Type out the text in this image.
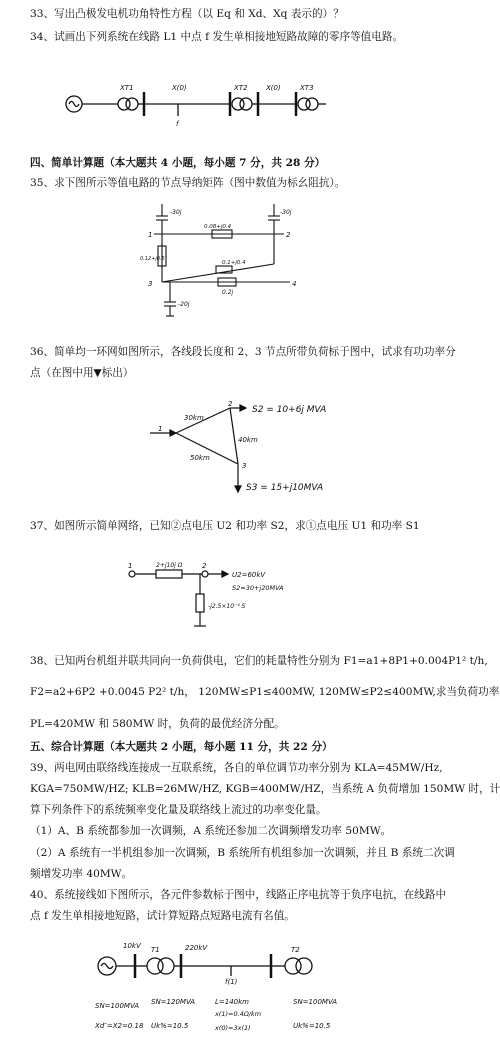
33、写出凸极发电机功角特性方程（以 Eq 和 Xd、Xq 表示的）？
34、试画出下列系统在线路 L1 中点 f 发生单相接地短路故障的零序等值电路。
XT1	X(0)
f
XT2	X(0)	XT3
四、简单计算题（本大题共 4 小题，每小题 7 分，共 28 分）
35、求下图所示等值电路的节点导纳矩阵（图中数值为标幺阻抗）。
-30j	-30j
1	2
3	4
0.08+j0.4
0.1+j0.4
0.12+j0.5
0.2j
-20j
36、简单均一环网如图所示，各线段长度和 2、3 节点所带负荷标于图中，试求有功功率分
点（在图中用▼标出）
1
2
3
30km
40km
50km
S2 = 10+6j MVA
S3 = 15+j10MVA
37、如图所示简单网络，已知②点电压 U2 和功率 S2，求①点电压 U1 和功率 S1
1	2+j10j Ω	2
U2=60kV
S2=30+j20MVA
-j2.5×10⁻⁴ S
38、已知两台机组并联共同向一负荷供电，它们的耗量特性分别为 F1=a1+8P1+0.004P1² t/h,
F2=a2+6P2 +0.0045 P2² t/h， 120MW≤P1≤400MW, 120MW≤P2≤400MW,求当负荷功率
PL=420MW 和 580MW 时，负荷的最优经济分配。
五、综合计算题（本大题共 2 小题，每小题 11 分，共 22 分）
39、两电网由联络线连接成一互联系统，各自的单位调节功率分别为 KLA=45MW/Hz,
KGA=750MW/HZ; KLB=26MW/HZ, KGB=400MW/HZ，当系统 A 负荷增加 150MW 时，计
算下列条件下的系统频率变化量及联络线上流过的功率变化量。
（1）A、B 系统都参加一次调频，A 系统还参加二次调频增发功率 50MW。
（2）A 系统有一半机组参加一次调频，B 系统所有机组参加一次调频，并且 B 系统二次调
频增发功率 40MW。
40、系统接线如下图所示，各元件参数标于图中，线路正序电抗等于负序电抗，在线路中
点 f 发生单相接地短路，试计算短路点短路电流有名值。
10kV T1	220kV
f(1)
T2
SN=100MVA SN=120MVA	L=140km	SN=100MVA
Xd″=X2=0.18 Uk%=10.5
x(1)=0.4Ω/km
x(0)=3x(1)	Uk%=10.5
